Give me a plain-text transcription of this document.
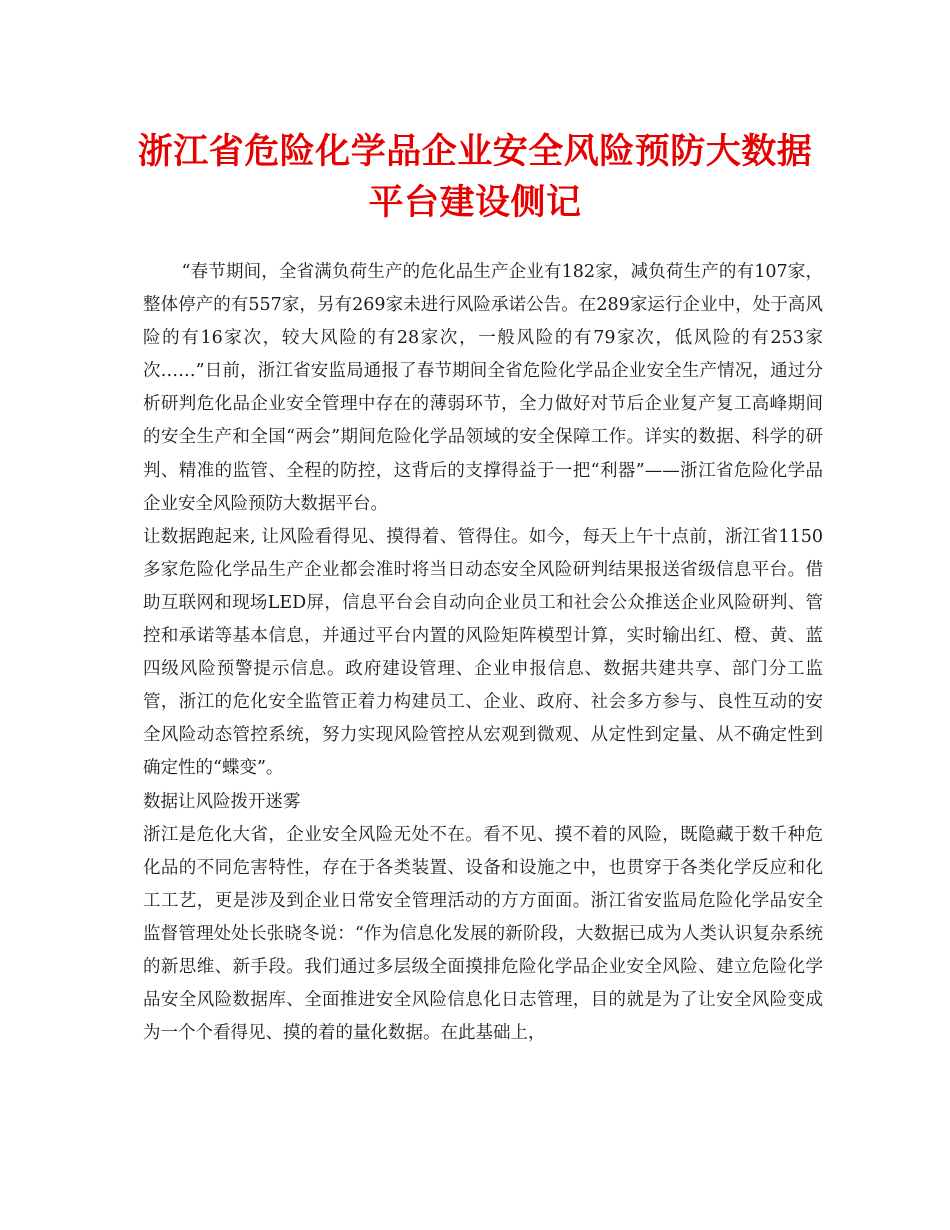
浙江省危险化学品企业安全风险预防大数据
平台建设侧记

“春节期间，全省满负荷生产的危化品生产企业有182家，减负荷生产的有107家，整体停产的有557家，另有269家未进行风险承诺公告。在289家运行企业中，处于高风险的有16家次，较大风险的有28家次，一般风险的有79家次，低风险的有253家次……”日前，浙江省安监局通报了春节期间全省危险化学品企业安全生产情况，通过分析研判危化品企业安全管理中存在的薄弱环节，全力做好对节后企业复产复工高峰期间的安全生产和全国“两会”期间危险化学品领域的安全保障工作。详实的数据、科学的研判、精准的监管、全程的防控，这背后的支撑得益于一把“利器”——浙江省危险化学品企业安全风险预防大数据平台。

让数据跑起来, 让风险看得见、摸得着、管得住。如今，每天上午十点前，浙江省1150多家危险化学品生产企业都会准时将当日动态安全风险研判结果报送省级信息平台。借助互联网和现场LED屏，信息平台会自动向企业员工和社会公众推送企业风险研判、管控和承诺等基本信息，并通过平台内置的风险矩阵模型计算，实时输出红、橙、黄、蓝四级风险预警提示信息。政府建设管理、企业申报信息、数据共建共享、部门分工监管，浙江的危化安全监管正着力构建员工、企业、政府、社会多方参与、良性互动的安全风险动态管控系统，努力实现风险管控从宏观到微观、从定性到定量、从不确定性到确定性的“蝶变”。

数据让风险拨开迷雾

浙江是危化大省，企业安全风险无处不在。看不见、摸不着的风险，既隐藏于数千种危化品的不同危害特性，存在于各类装置、设备和设施之中，也贯穿于各类化学反应和化工工艺，更是涉及到企业日常安全管理活动的方方面面。浙江省安监局危险化学品安全监督管理处处长张晓冬说：“作为信息化发展的新阶段，大数据已成为人类认识复杂系统的新思维、新手段。我们通过多层级全面摸排危险化学品企业安全风险、建立危险化学品安全风险数据库、全面推进安全风险信息化日志管理，目的就是为了让安全风险变成为一个个看得见、摸的着的量化数据。在此基础上，
